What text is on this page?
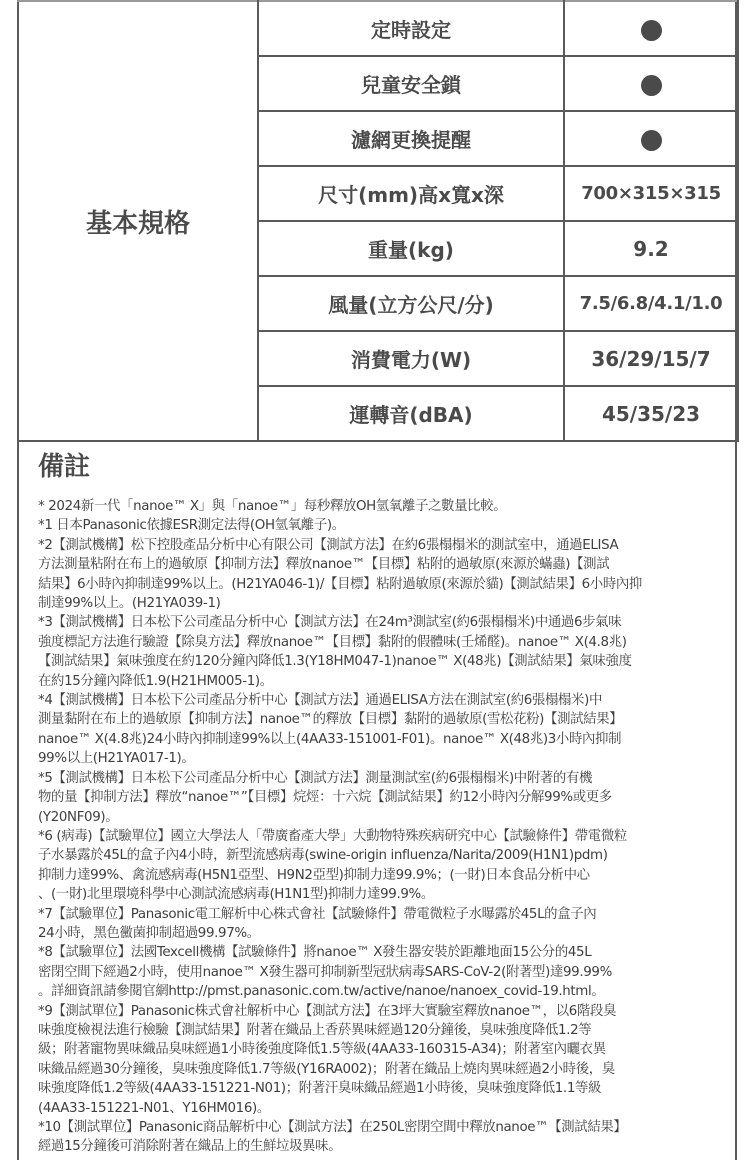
基本規格	定時設定	
	兒童安全鎖	
	濾網更換提醒	
	尺寸(mm)高x寬x深	700×315×315
	重量(kg)	9.2
	風量(立方公尺/分)	7.5/6.8/4.1/1.0
	消費電力(W)	36/29/15/7
	運轉音(dBA)	45/35/23
備註
* 2024新一代「nanoe™ X」與「nanoe™」每秒釋放OH氫氧離子之數量比較。
*1 日本Panasonic依據ESR測定法得(OH氫氧離子)。
*2【測試機構】松下控股產品分析中心有限公司【測試方法】在約6張榻榻米的測試室中，通過ELISA
方法測量粘附在布上的過敏原【抑制方法】釋放nanoe™【目標】粘附的過敏原(來源於蟎蟲)【測試
結果】6小時內抑制達99%以上。(H21YA046-1)/【目標】粘附過敏原(來源於貓)【測試結果】6小時內抑
制達99%以上。(H21YA039-1)
*3【測試機構】日本松下公司產品分析中心【測試方法】在24m³測試室(約6張榻榻米)中通過6步氣味
強度標記方法進行驗證【除臭方法】釋放nanoe™【目標】黏附的假體味(壬烯醛)。nanoe™ X(4.8兆)
【測試結果】氣味強度在約120分鐘內降低1.3(Y18HM047-1)nanoe™ X(48兆)【測試結果】氣味強度
在約15分鐘內降低1.9(H21HM005-1)。
*4【測試機構】日本松下公司產品分析中心【測試方法】通過ELISA方法在測試室(約6張榻榻米)中
測量黏附在布上的過敏原【抑制方法】nanoe™的釋放【目標】黏附的過敏原(雪松花粉)【測試結果】
nanoe™ X(4.8兆)24小時內抑制達99%以上(4AA33-151001-F01)。nanoe™ X(48兆)3小時內抑制
99%以上(H21YA017-1)。
*5【測試機構】日本松下公司產品分析中心【測試方法】測量測試室(約6張榻榻米)中附著的有機
物的量【抑制方法】釋放“nanoe™”【目標】烷烴：十六烷【測試結果】約12小時內分解99%或更多
(Y20NF09)。
*6 (病毒)【試驗單位】國立大學法人「帶廣畜產大學」大動物特殊疾病研究中心【試驗條件】帶電微粒
子水暴露於45L的盒子內4小時，新型流感病毒(swine-origin influenza/Narita/2009(H1N1)pdm)
抑制力達99%、禽流感病毒(H5N1亞型、H9N2亞型)抑制力達99.9%；(一財)日本食品分析中心
、(一財)北里環境科學中心測試流感病毒(H1N1型)抑制力達99.9%。
*7【試驗單位】Panasonic電工解析中心株式會社【試驗條件】帶電微粒子水曝露於45L的盒子內
24小時，黑色黴菌抑制超過99.97%。
*8【試驗單位】法國Texcell機構【試驗條件】將nanoe™ X發生器安裝於距離地面15公分的45L
密閉空間下經過2小時，使用nanoe™ X發生器可抑制新型冠狀病毒SARS-CoV-2(附著型)達99.99%
。詳細資訊請參閱官網http://pmst.panasonic.com.tw/active/nanoe/nanoex_covid-19.html。
*9【測試單位】Panasonic株式會社解析中心【測試方法】在3坪大實驗室釋放nanoe™，以6階段臭
味強度檢視法進行檢驗【測試結果】附著在織品上香菸異味經過120分鐘後，臭味強度降低1.2等
級；附著寵物異味織品臭味經過1小時後強度降低1.5等級(4AA33-160315-A34)；附著室內曬衣異
味織品經過30分鐘後，臭味強度降低1.7等級(Y16RA002)；附著在織品上燒肉異味經過2小時後，臭
味強度降低1.2等級(4AA33-151221-N01)；附著汗臭味織品經過1小時後，臭味強度降低1.1等級
(4AA33-151221-N01、Y16HM016)。
*10【測試單位】Panasonic商品解析中心【測試方法】在250L密閉空間中釋放nanoe™【測試結果】
經過15分鐘後可消除附著在織品上的生鮮垃圾異味。
